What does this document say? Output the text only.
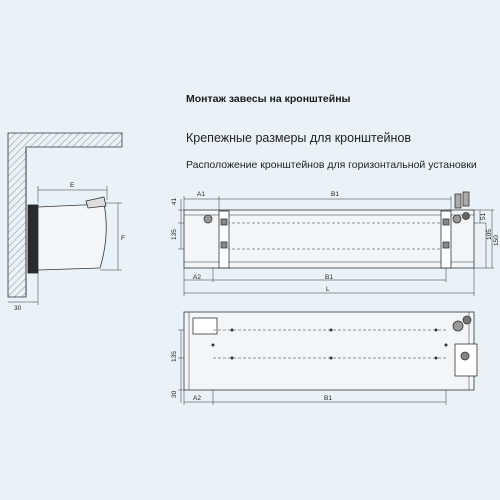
Монтаж завесы на кронштейны
Крепежные размеры для кронштейнов
Расположение кронштейнов для горизонтальной установки
E
F
30
A1	B1
A2	B1
L
41
135
51
105
150
135
30
A2	B1
